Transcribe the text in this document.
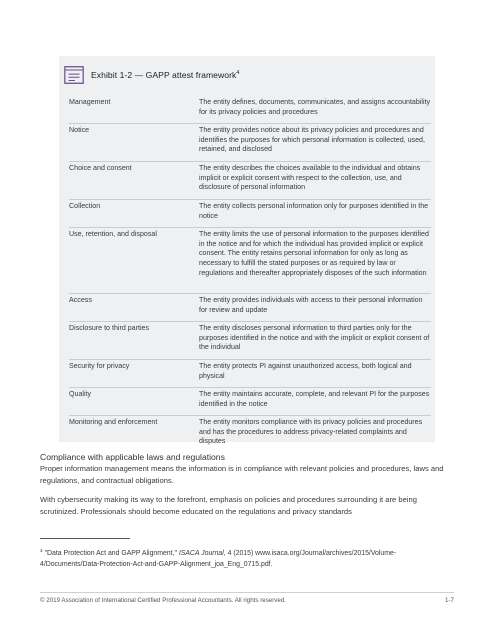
Exhibit 1-2 — GAPP attest framework$^4$
Management	The entity defines, documents, communicates, and assigns accountability for its privacy policies and procedures
Notice	The entity provides notice about its privacy policies and procedures and identifies the purposes for which personal information is collected, used, retained, and disclosed
Choice and consent	The entity describes the choices available to the individual and obtains implicit or explicit consent with respect to the collection, use, and disclosure of personal information
Collection	The entity collects personal information only for purposes identified in the notice
Use, retention, and disposal	The entity limits the use of personal information to the purposes identified in the notice and for which the individual has provided implicit or explicit consent. The entity retains personal information for only as long as necessary to fulfill the stated purposes or as required by law or regulations and thereafter appropriately disposes of the such information
Access	The entity provides individuals with access to their personal information for review and update
Disclosure to third parties	The entity discloses personal information to third parties only for the purposes identified in the notice and with the implicit or explicit consent of the individual
Security for privacy	The entity protects PI against unauthorized access, both logical and physical
Quality	The entity maintains accurate, complete, and relevant PI for the purposes identified in the notice
Monitoring and enforcement	The entity monitors compliance with its privacy policies and procedures and has the procedures to address privacy-related complaints and disputes
Compliance with applicable laws and regulations

Proper information management means the information is in compliance with relevant policies and procedures, laws and regulations, and contractual obligations.

With cybersecurity making its way to the forefront, emphasis on policies and procedures surrounding it are being scrutinized. Professionals should become educated on the regulations and privacy standards

$^4$ "Data Protection Act and GAPP Alignment," ISACA Journal, 4 (2015) www.isaca.org/Journal/archives/2015/Volume-4/Documents/Data-Protection-Act-and-GAPP-Alignment_joa_Eng_0715.pdf.

© 2019 Association of International Certified Professional Accountants. All rights reserved.	1-7
